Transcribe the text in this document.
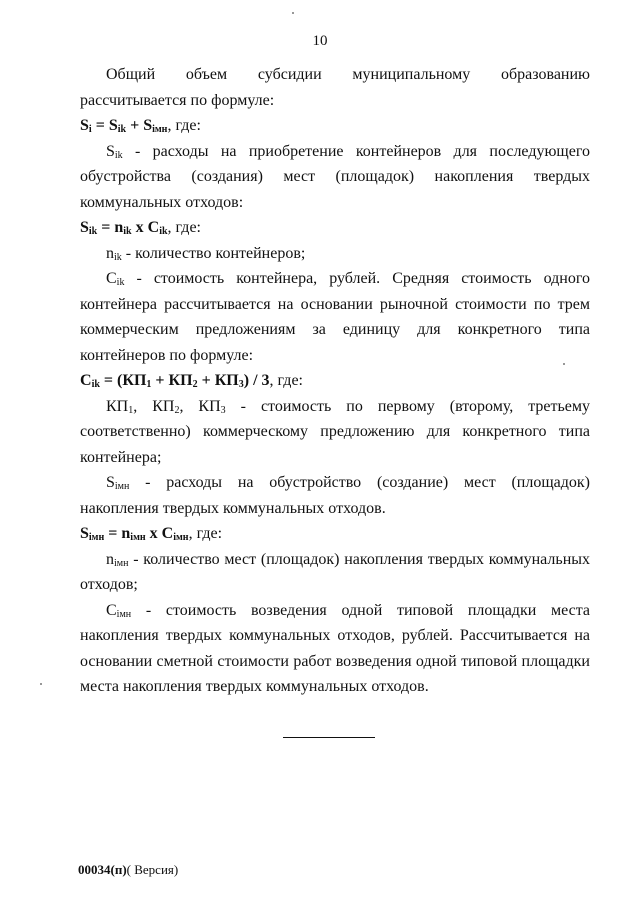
10

Общий объем субсидии муниципальному образованию рассчитывается по формуле:

$S_i = S_{ik} + S_{iмн}$, где:

$S_{ik}$ - расходы на приобретение контейнеров для последующего обустройства (создания) мест (площадок) накопления твердых коммунальных отходов:

$S_{ik} = n_{ik}$ x $C_{ik}$, где:

$n_{ik}$ - количество контейнеров;

$C_{ik}$ - стоимость контейнера, рублей. Средняя стоимость одного контейнера рассчитывается на основании рыночной стоимости по трем коммерческим предложениям за единицу для конкретного типа контейнеров по формуле:

$C_{ik} = (КП_1 + КП_2 + КП_3) / 3$, где:

$КП_1$, $КП_2$, $КП_3$ - стоимость по первому (второму, третьему соответственно) коммерческому предложению для конкретного типа контейнера;

$S_{iмн}$ - расходы на обустройство (создание) мест (площадок) накопления твердых коммунальных отходов.

$S_{iмн} = n_{iмн}$ x $C_{iмн}$, где:

$n_{iмн}$ - количество мест (площадок) накопления твердых коммунальных отходов;

$C_{iмн}$ - стоимость возведения одной типовой площадки места накопления твердых коммунальных отходов, рублей. Рассчитывается на основании сметной стоимости работ возведения одной типовой площадки места накопления твердых коммунальных отходов.

00034(п)( Версия)
